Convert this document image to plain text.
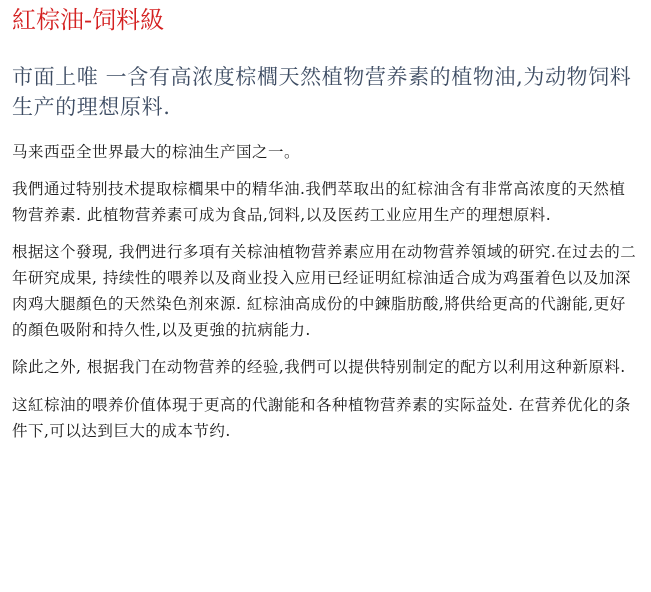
紅棕油-饲料級
市面上唯 一含有高浓度棕櫚天然植物营养素的植物油,为动物饲料生产的理想原料.

马来西亞全世界最大的棕油生产国之一。

我們通过特别技术提取棕櫚果中的精华油.我們萃取出的紅棕油含有非常高浓度的天然植物营养素. 此植物营养素可成为食品,饲料,以及医药工业应用生产的理想原料.

根据这个發現, 我們进行多項有关棕油植物营养素应用在动物营养領域的研究.在过去的二年研究成果, 持续性的喂养以及商业投入应用已经证明紅棕油适合成为鸡蛋着色以及加深肉鸡大腿顏色的天然染色剂來源. 紅棕油高成份的中鍊脂肪酸,將供给更高的代謝能,更好的顏色吸附和持久性,以及更強的抗病能力.

除此之外, 根据我门在动物营养的经验,我們可以提供特别制定的配方以利用这种新原料.

这紅棕油的喂养价值体現于更高的代謝能和各种植物营养素的实际益处. 在营养优化的条件下,可以达到巨大的成本节约.
